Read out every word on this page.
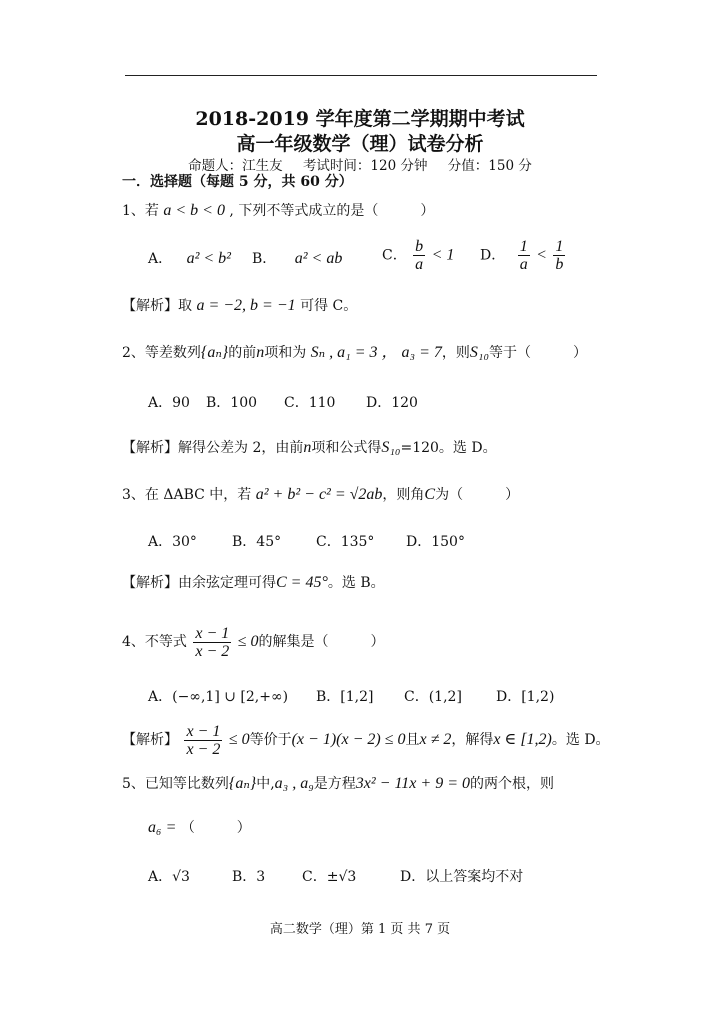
2018-2019 学年度第二学期期中考试
高一年级数学（理）试卷分析
命题人：江生友 考试时间：120 分钟 分值：150 分
一．选择题（每题 5 分，共 60 分）
1、若 a < b < 0 , 下列不等式成立的是（　　　）
A． a² < b² B． a² < ab	C． $\frac{b}{a} < 1$ D． $\frac{1}{a} < \frac{1}{b}$
【解析】取 a = −2, b = −1 可得 C。
2、等差数列{aₙ}的前n项和为 Sₙ , a₁ = 3 ， a₃ = 7，则S₁₀等于（　　　）
A．90 B．100 C．110 D．120
【解析】解得公差为 2，由前n项和公式得S₁₀=120。选 D。
3、在 ΔABC 中，若 a² + b² − c² = √2ab，则角C为（　　　）
A．30°	B．45° C．135° D．150°
【解析】由余弦定理可得C = 45°。选 B。
4、不等式 $\frac{x - 1}{x - 2} \le 0$的解集是（　　　）
A．(−∞,1] ∪ [2,+∞) B．[1,2] C．(1,2] D．[1,2)
【解析】 $\frac{x - 1}{x - 2} \le 0$等价于(x − 1)(x − 2) ≤ 0且x ≠ 2，解得x ∈ [1,2)。选 D。
5、已知等比数列{aₙ}中,a₃ , a₉是方程3x² − 11x + 9 = 0的两个根，则
a₆ = （　　　）
A．√3	B．3	C．±√3	D．以上答案均不对
高二数学（理）第 1 页 共 7 页
